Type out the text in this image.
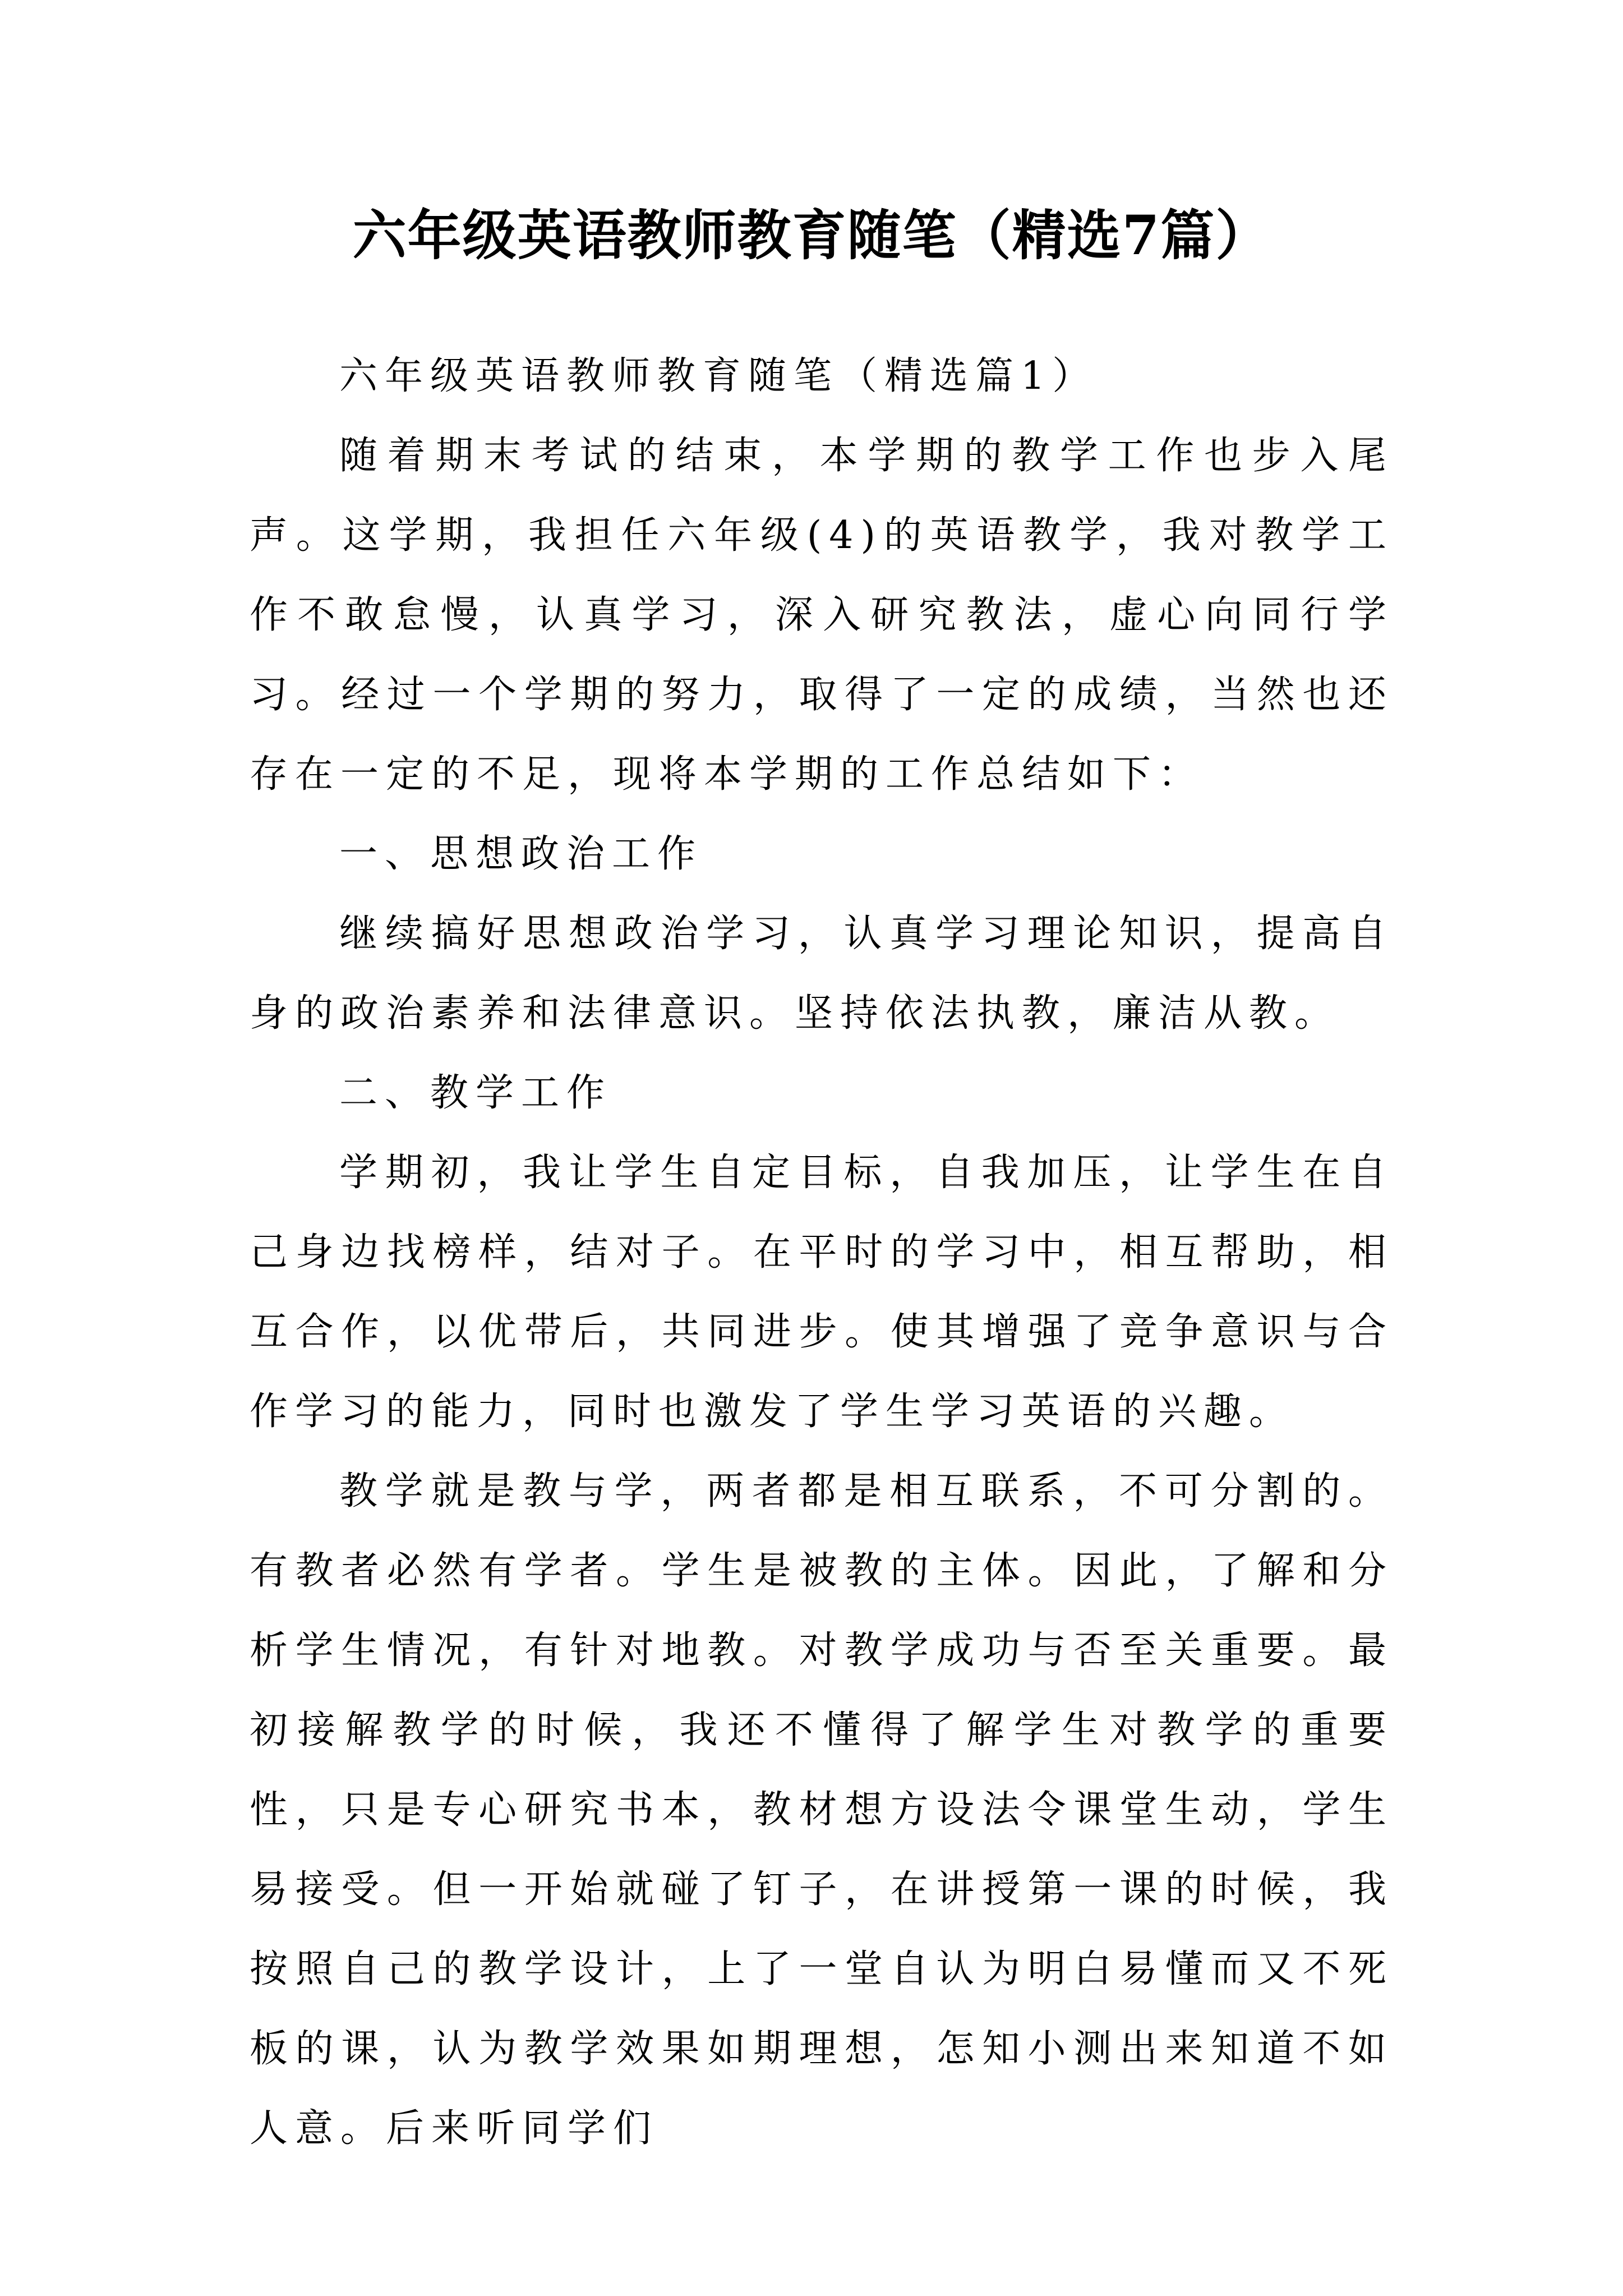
六年级英语教师教育随笔（精选7篇）

六年级英语教师教育随笔（精选篇1）

随着期末考试的结束，本学期的教学工作也步入尾声。这学期，我担任六年级(4)的英语教学，我对教学工作不敢怠慢，认真学习，深入研究教法，虚心向同行学习。经过一个学期的努力，取得了一定的成绩，当然也还存在一定的不足，现将本学期的工作总结如下：

一、思想政治工作

继续搞好思想政治学习，认真学习理论知识，提高自身的政治素养和法律意识。坚持依法执教，廉洁从教。

二、教学工作

学期初，我让学生自定目标，自我加压，让学生在自己身边找榜样，结对子。在平时的学习中，相互帮助，相互合作，以优带后，共同进步。使其增强了竞争意识与合作学习的能力，同时也激发了学生学习英语的兴趣。

教学就是教与学，两者都是相互联系，不可分割的。有教者必然有学者。学生是被教的主体。因此，了解和分析学生情况，有针对地教。对教学成功与否至关重要。最初接解教学的时候，我还不懂得了解学生对教学的重要性，只是专心研究书本，教材想方设法令课堂生动，学生易接受。但一开始就碰了钉子，在讲授第一课的时候，我按照自己的教学设计，上了一堂自认为明白易懂而又不死板的课，认为教学效果如期理想，怎知小测出来知道不如人意。后来听同学们
